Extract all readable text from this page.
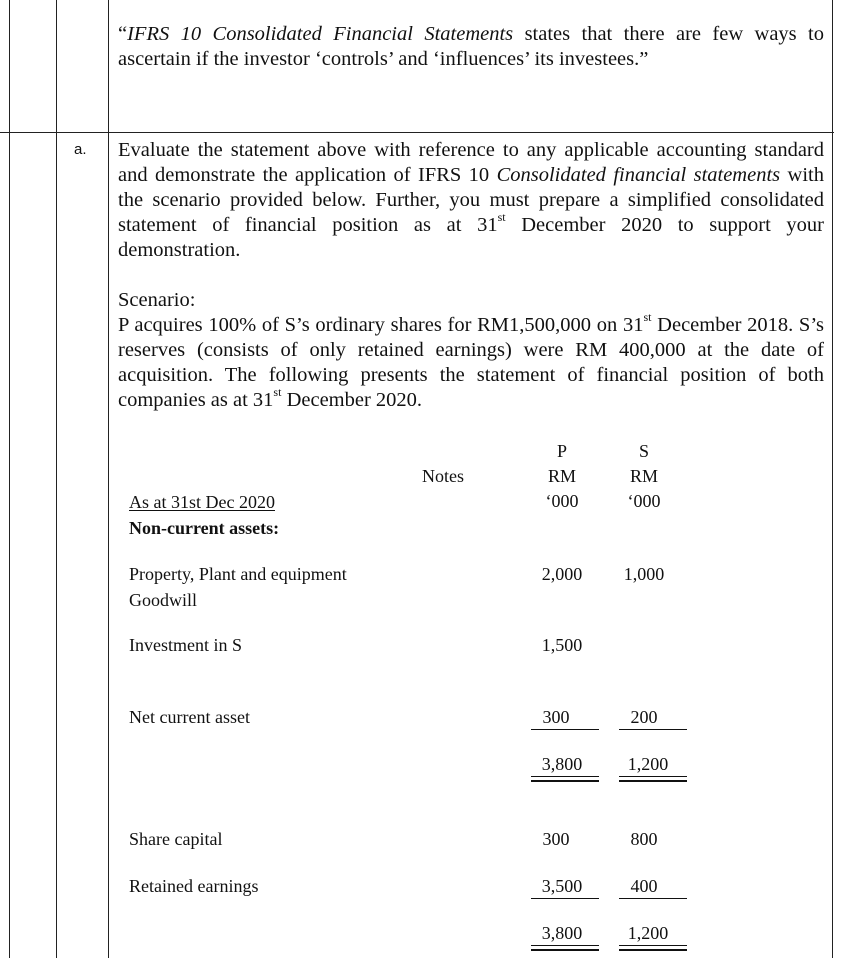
“IFRS 10 Consolidated Financial Statements states that there are few ways to ascertain if the investor ‘controls’ and ‘influences’ its investees.”

a. Evaluate the statement above with reference to any applicable accounting standard and demonstrate the application of IFRS 10 Consolidated financial statements with the scenario provided below. Further, you must prepare a simplified consolidated statement of financial position as at 31st December 2020 to support your demonstration.

Scenario:

P acquires 100% of S’s ordinary shares for RM1,500,000 on 31st December 2018. S’s reserves (consists of only retained earnings) were RM 400,000 at the date of acquisition. The following presents the statement of financial position of both companies as at 31st December 2020.

P	S
Notes	RM	RM
As at 31st Dec 2020	‘000	‘000
Non-current assets:
Property, Plant and equipment	2,000	1,000
Goodwill
Investment in S	1,500
Net current asset	300	200
3,800	1,200
Share capital	300	800
Retained earnings	3,500	400
3,800	1,200
